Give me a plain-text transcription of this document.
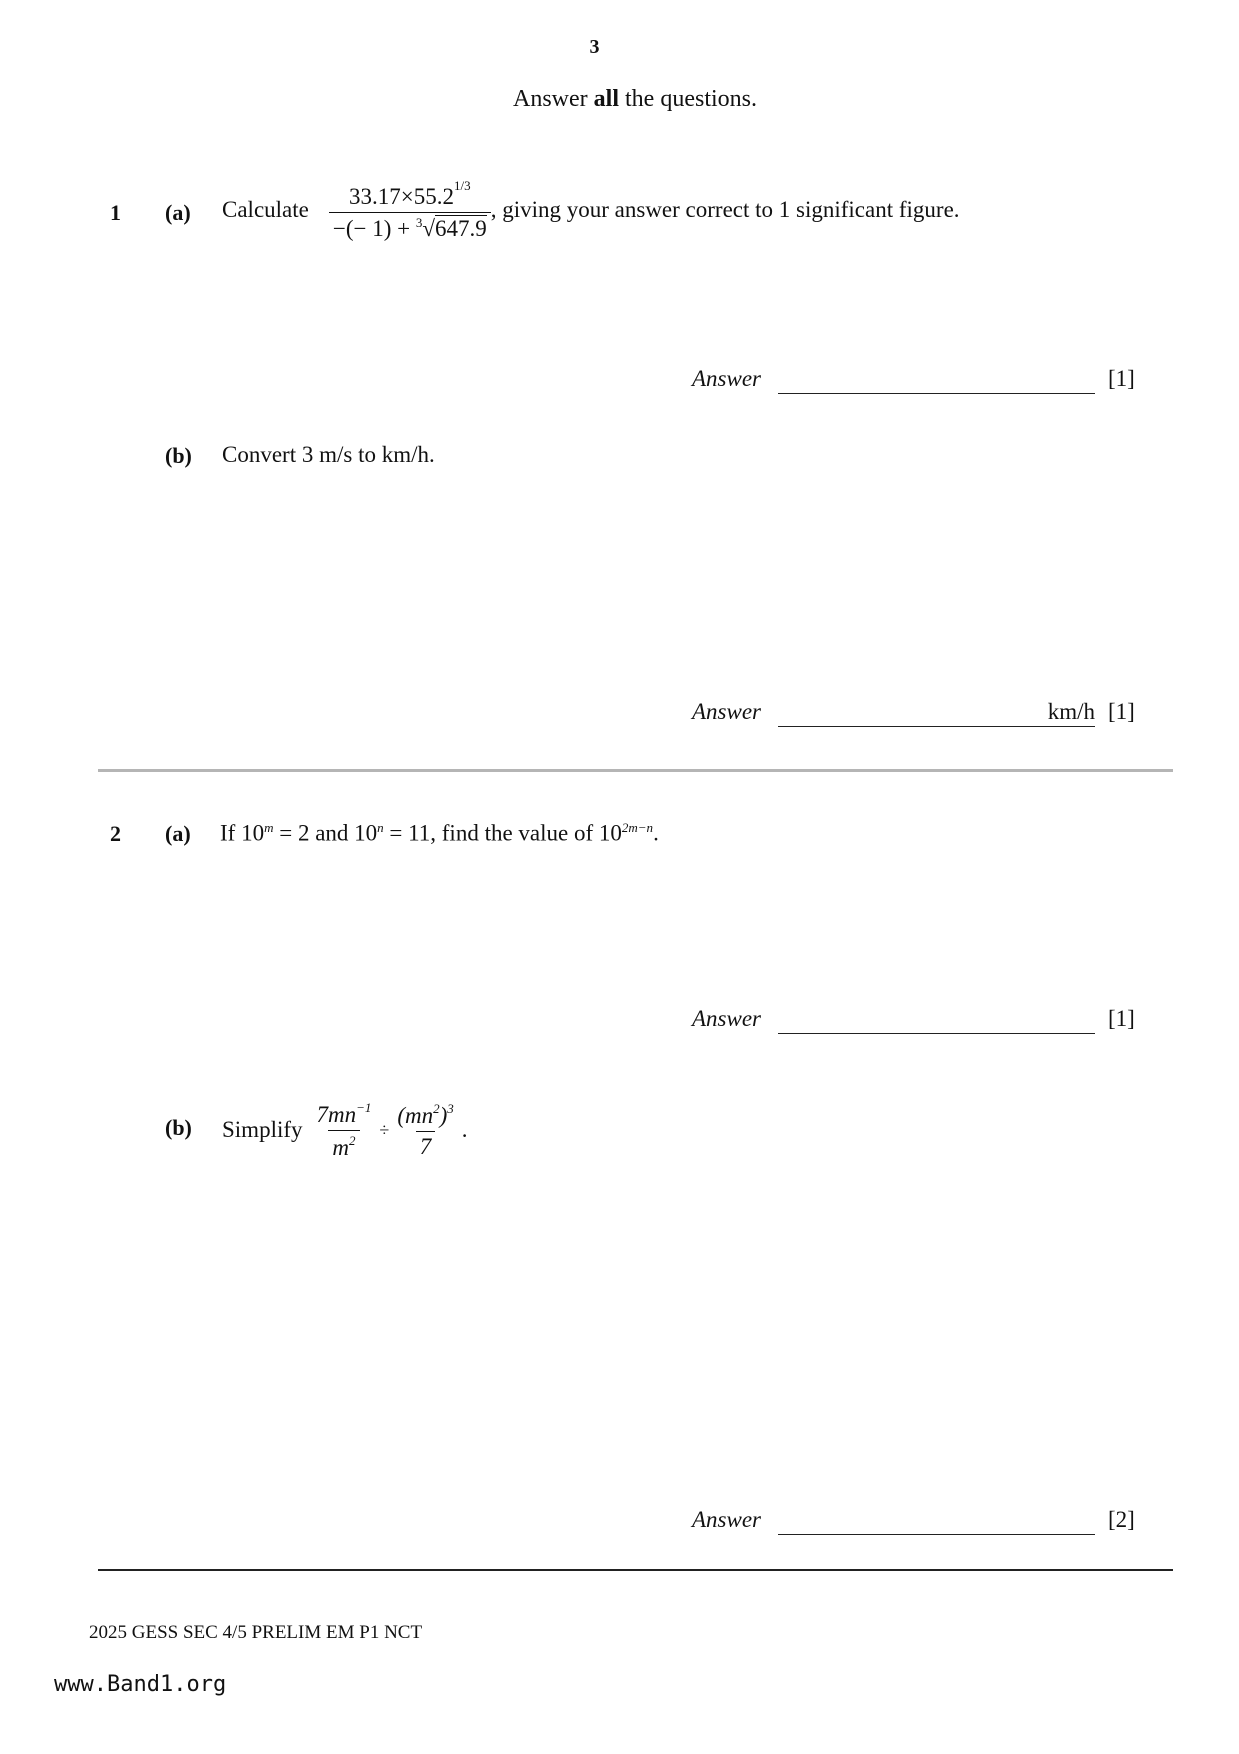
3
Answer all the questions.
1 (a) Calculate $\frac{33.17\times 55.2^{1/3}}{-(- 1) + ^3√647.9}$ , giving your answer correct to 1 significant figure.
Answer	[1]
(b) Convert 3 m/s to km/h.
Answer	km/h [1]
2 (a) If $10^m = 2$ and $10^n = 11$, find the value of $10^{2m-n}$.
Answer	[1]
(b) Simplify $\frac{7mn^{-1}}{m^2} \div \frac{(mn^2)^3}{7}$ .
Answer	[2]
2025 GESS SEC 4/5 PRELIM EM P1 NCT
www.Band1.org
